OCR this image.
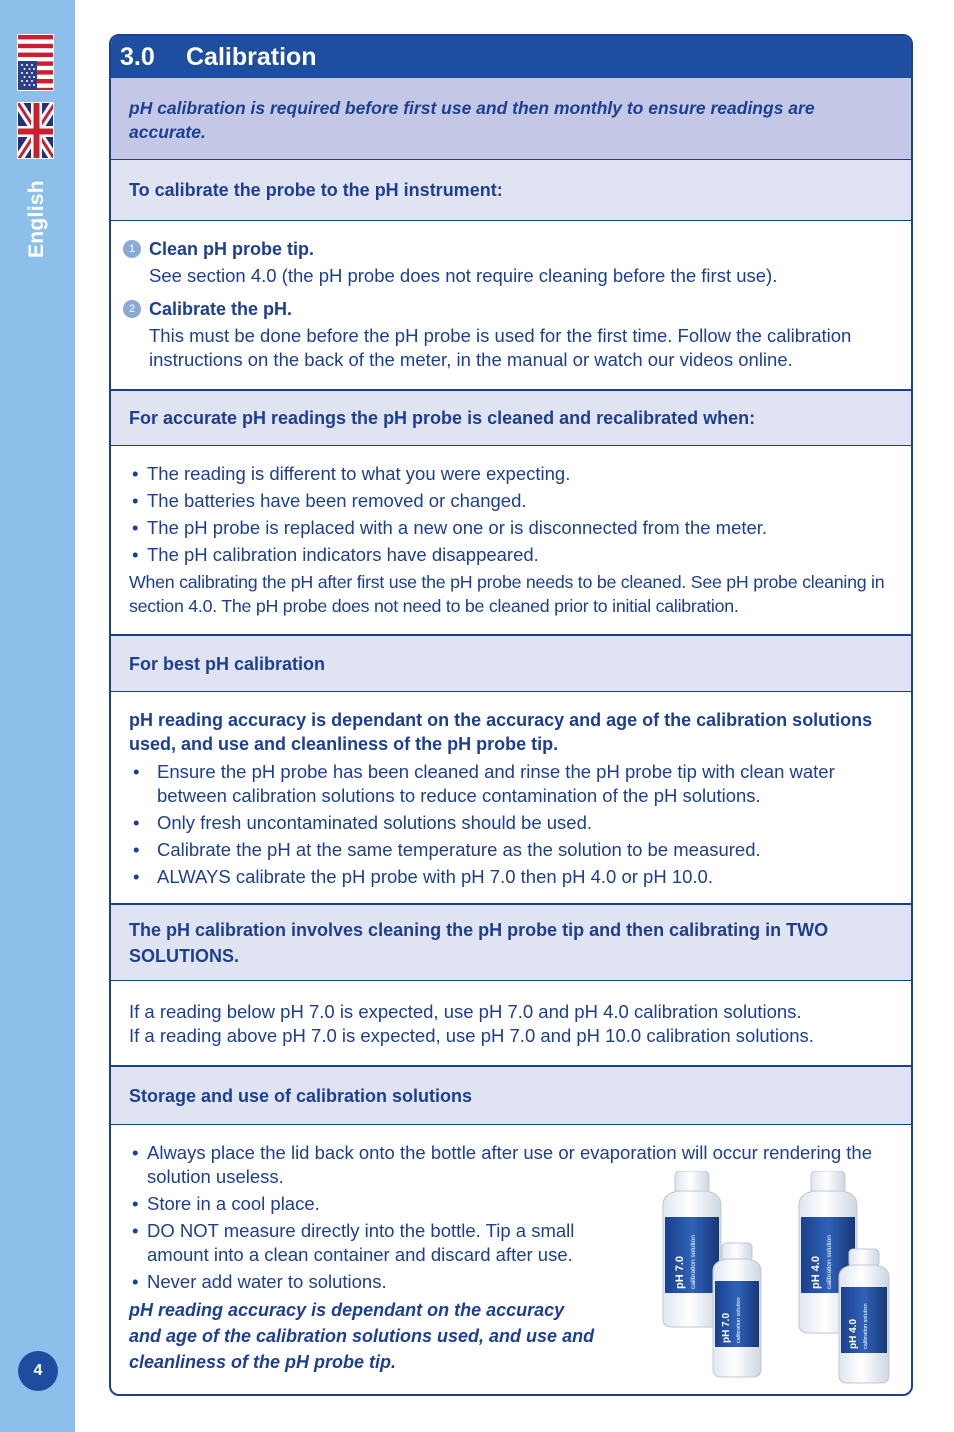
English
4
3.0 Calibration
pH calibration is required before first use and then monthly to ensure readings are accurate.
To calibrate the probe to the pH instrument:
1 Clean pH probe tip.
See section 4.0 (the pH probe does not require cleaning before the first use).
2 Calibrate the pH.
This must be done before the pH probe is used for the first time. Follow the calibration instructions on the back of the meter, in the manual or watch our videos online.
For accurate pH readings the pH probe is cleaned and recalibrated when:
• The reading is different to what you were expecting.
• The batteries have been removed or changed.
• The pH probe is replaced with a new one or is disconnected from the meter.
• The pH calibration indicators have disappeared.
When calibrating the pH after first use the pH probe needs to be cleaned. See pH probe cleaning in section 4.0. The pH probe does not need to be cleaned prior to initial calibration.
For best pH calibration
pH reading accuracy is dependant on the accuracy and age of the calibration solutions used, and use and cleanliness of the pH probe tip.
• Ensure the pH probe has been cleaned and rinse the pH probe tip with clean water between calibration solutions to reduce contamination of the pH solutions.
• Only fresh uncontaminated solutions should be used.
• Calibrate the pH at the same temperature as the solution to be measured.
• ALWAYS calibrate the pH probe with pH 7.0 then pH 4.0 or pH 10.0.
The pH calibration involves cleaning the pH probe tip and then calibrating in TWO SOLUTIONS.
If a reading below pH 7.0 is expected, use pH 7.0 and pH 4.0 calibration solutions.
If a reading above pH 7.0 is expected, use pH 7.0 and pH 10.0 calibration solutions.
Storage and use of calibration solutions
• Always place the lid back onto the bottle after use or evaporation will occur rendering the solution useless.
• Store in a cool place.
• DO NOT measure directly into the bottle. Tip a small amount into a clean container and discard after use.
• Never add water to solutions.
pH reading accuracy is dependant on the accuracy and age of the calibration solutions used, and use and cleanliness of the pH probe tip.
pH 7.0 calibration solution	pH 4.0 calibration solution
pH 7.0 calibration solution	pH 4.0 calibration solution
